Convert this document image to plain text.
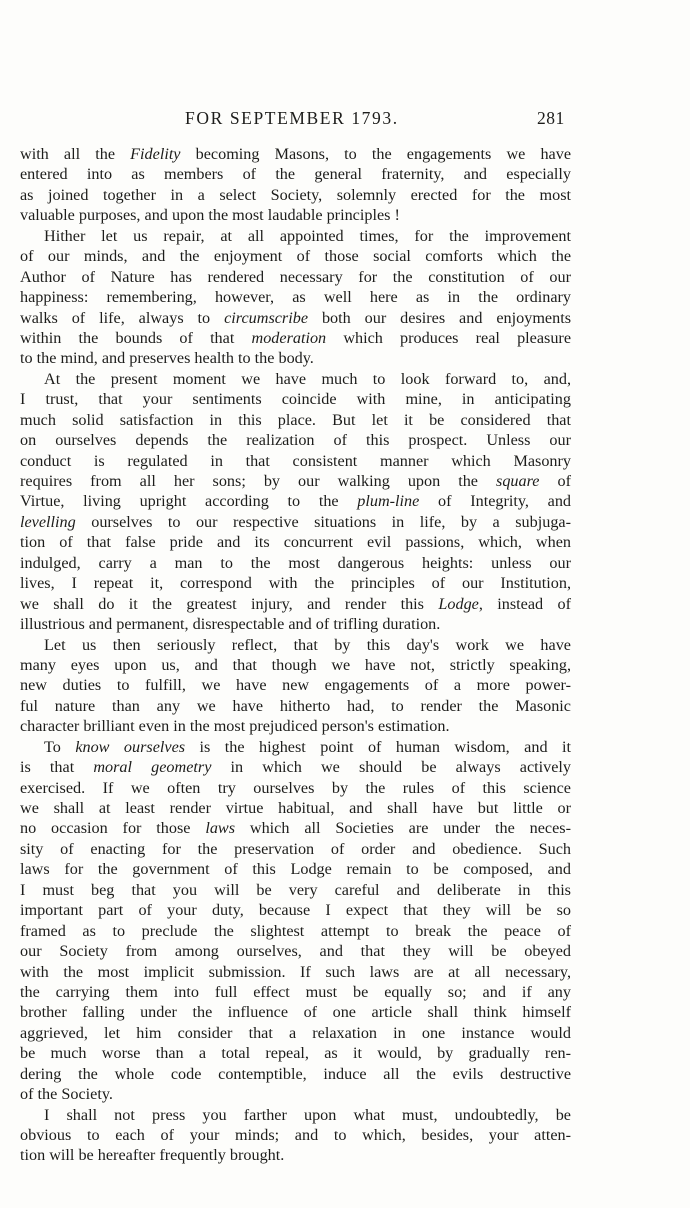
FOR SEPTEMBER 1793.	281
with all the Fidelity becoming Masons, to the engagements we have
entered into as members of the general fraternity, and especially
as joined together in a select Society, solemnly erected for the most
valuable purposes, and upon the most laudable principles !
Hither let us repair, at all appointed times, for the improvement
of our minds, and the enjoyment of those social comforts which the
Author of Nature has rendered necessary for the constitution of our
happiness: remembering, however, as well here as in the ordinary
walks of life, always to circumscribe both our desires and enjoyments
within the bounds of that moderation which produces real pleasure
to the mind, and preserves health to the body.
At the present moment we have much to look forward to, and,
I trust, that your sentiments coincide with mine, in anticipating
much solid satisfaction in this place. But let it be considered that
on ourselves depends the realization of this prospect. Unless our
conduct is regulated in that consistent manner which Masonry
requires from all her sons; by our walking upon the square of
Virtue, living upright according to the plum-line of Integrity, and
levelling ourselves to our respective situations in life, by a subjuga-
tion of that false pride and its concurrent evil passions, which, when
indulged, carry a man to the most dangerous heights: unless our
lives, I repeat it, correspond with the principles of our Institution,
we shall do it the greatest injury, and render this Lodge, instead of
illustrious and permanent, disrespectable and of trifling duration.
Let us then seriously reflect, that by this day's work we have
many eyes upon us, and that though we have not, strictly speaking,
new duties to fulfill, we have new engagements of a more power-
ful nature than any we have hitherto had, to render the Masonic
character brilliant even in the most prejudiced person's estimation.
To know ourselves is the highest point of human wisdom, and it
is that moral geometry in which we should be always actively
exercised. If we often try ourselves by the rules of this science
we shall at least render virtue habitual, and shall have but little or
no occasion for those laws which all Societies are under the neces-
sity of enacting for the preservation of order and obedience. Such
laws for the government of this Lodge remain to be composed, and
I must beg that you will be very careful and deliberate in this
important part of your duty, because I expect that they will be so
framed as to preclude the slightest attempt to break the peace of
our Society from among ourselves, and that they will be obeyed
with the most implicit submission. If such laws are at all necessary,
the carrying them into full effect must be equally so; and if any
brother falling under the influence of one article shall think himself
aggrieved, let him consider that a relaxation in one instance would
be much worse than a total repeal, as it would, by gradually ren-
dering the whole code contemptible, induce all the evils destructive
of the Society.
I shall not press you farther upon what must, undoubtedly, be
obvious to each of your minds; and to which, besides, your atten-
tion will be hereafter frequently brought.
